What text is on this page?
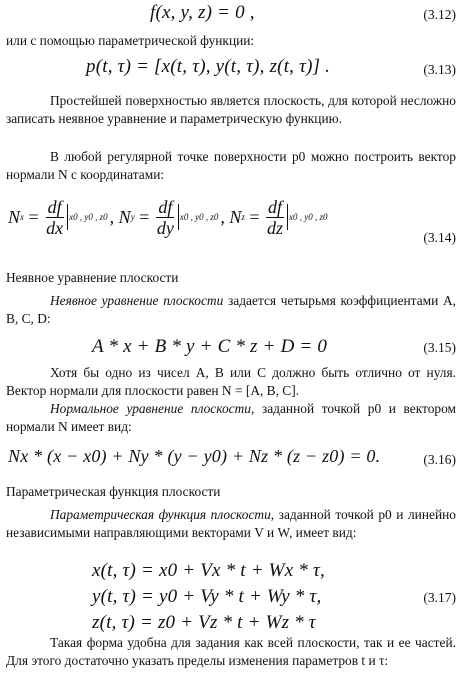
f(x, y, z) = 0 ,	(3.12)
или с помощью параметрической функции:
p(t, τ) = [x(t, τ), y(t, τ), z(t, τ)] .	(3.13)
Простейшей поверхностью является плоскость, для которой несложно записать неявное уравнение и параметрическую функцию.
В любой регулярной точке поверхности p0 можно построить вектор нормали N с координатами:
N $x = \frac{df}{dx} x0$ , y0 , z0 , N $y = \frac{df}{dy} x0$ , y0 , z0 , N $z = \frac{df}{dz} x0$ , y0 , z0
(3.14)
Неявное уравнение плоскости
Неявное уравнение плоскости задается четырьмя коэффициентами A, B, C, D:
A * x + B * y + C * z + D = 0	(3.15)
Хотя бы одно из чисел A, B или C должно быть отлично от нуля. Вектор нормали для плоскости равен N = [A, B, C].
Нормальное уравнение плоскости, заданной точкой p0 и вектором нормали N имеет вид:
Nx * (x − x0) + Ny * (y − y0) + Nz * (z − z0) = 0.	(3.16)
Параметрическая функция плоскости
Параметрическая функция плоскости, заданной точкой p0 и линейно независимыми направляющими векторами V и W, имеет вид:
x(t, τ) = x0 + Vx * t + Wx * τ,
y(t, τ) = y0 + Vy * t + Wy * τ,
z(t, τ) = z0 + Vz * t + Wz * τ
(3.17)
Такая форма удобна для задания как всей плоскости, так и ее частей. Для этого достаточно указать пределы изменения параметров t и τ:
